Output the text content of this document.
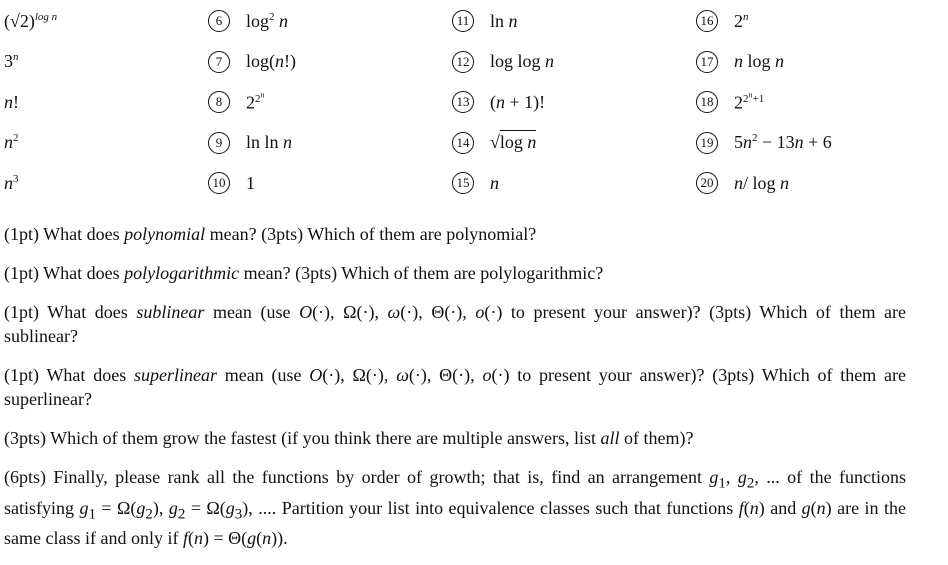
$(√2)^{log n}$	6	$\log^2 n$	11 ln n	16 2$^n$
3$^n$	7	log(n!)	12 log log n	17 n log n
n!	8	$2^{2^n}$	13 (n + 1)!	18 $2^{2^n+1}$
$n^2$	9	ln ln n	14 √log n	19 $5n^2 - 13n + 6$
$n^3$	10 1	15 n	20 n/ log n

(1pt) What does polynomial mean? (3pts) Which of them are polynomial?

(1pt) What does polylogarithmic mean? (3pts) Which of them are polylogarithmic?

(1pt) What does sublinear mean (use O(·), Ω(·), ω(·), Θ(·), o(·) to present your answer)? (3pts) Which of them are sublinear?

(1pt) What does superlinear mean (use O(·), Ω(·), ω(·), Θ(·), o(·) to present your answer)? (3pts) Which of them are superlinear?

(3pts) Which of them grow the fastest (if you think there are multiple answers, list all of them)?

(6pts) Finally, please rank all the functions by order of growth; that is, find an arrangement $g_1$, $g_2$, ... of the functions satisfying $g_1 = \Omega(g_2)$, $g_2 = \Omega(g_3)$, .... Partition your list into equivalence classes such that functions f(n) and g(n) are in the same class if and only if f(n) = Θ(g(n)).
